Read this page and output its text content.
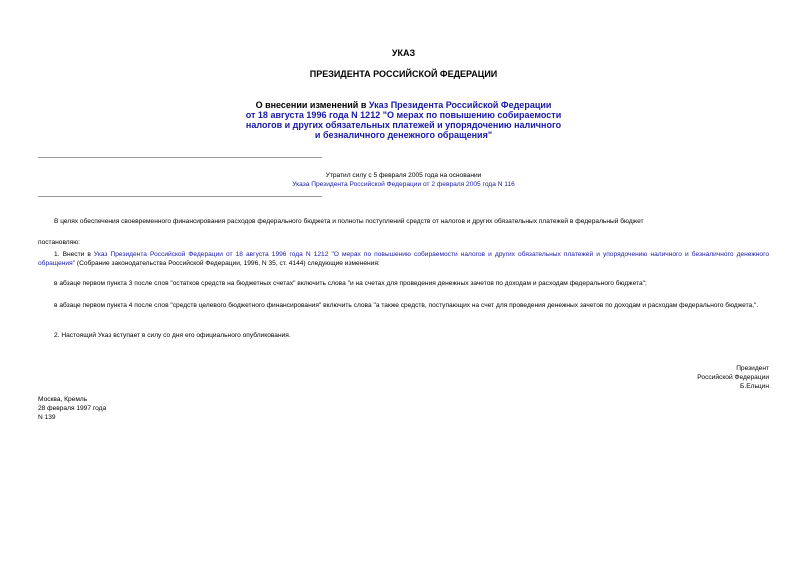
УКАЗ
ПРЕЗИДЕНТА РОССИЙСКОЙ ФЕДЕРАЦИИ
О внесении изменений в Указ Президента Российской Федерации
от 18 августа 1996 года N 1212 "О мерах по повышению собираемости
налогов и других обязательных платежей и упорядочению наличного
и безналичного денежного обращения"
Утратил силу с 5 февраля 2005 года на основании
Указа Президента Российской Федерации от 2 февраля 2005 года N 116
В целях обеспечения своевременного финансирования расходов федерального бюджета и полноты поступлений средств от налогов и других обязательных платежей в федеральный бюджет
постановляю:
1. Внести в Указ Президента Российской Федерации от 18 августа 1996 года N 1212 "О мерах по повышению собираемости налогов и других обязательных платежей и упорядочению наличного и безналичного денежного обращения" (Собрание законодательства Российской Федерации, 1996, N 35, ст. 4144) следующие изменения:
в абзаце первом пункта 3 после слов "остатков средств на бюджетных счетах" включить слова "и на счетах для проведения денежных зачетов по доходам и расходам федерального бюджета";
в абзаце первом пункта 4 после слов "средств целевого бюджетного финансирования" включить слова "а также средств, поступающих на счет для проведения денежных зачетов по доходам и расходам федерального бюджета,".
2. Настоящий Указ вступает в силу со дня его официального опубликования.
Президент
Российской Федерации
Б.Ельцин
Москва, Кремль
28 февраля 1997 года
N 139
